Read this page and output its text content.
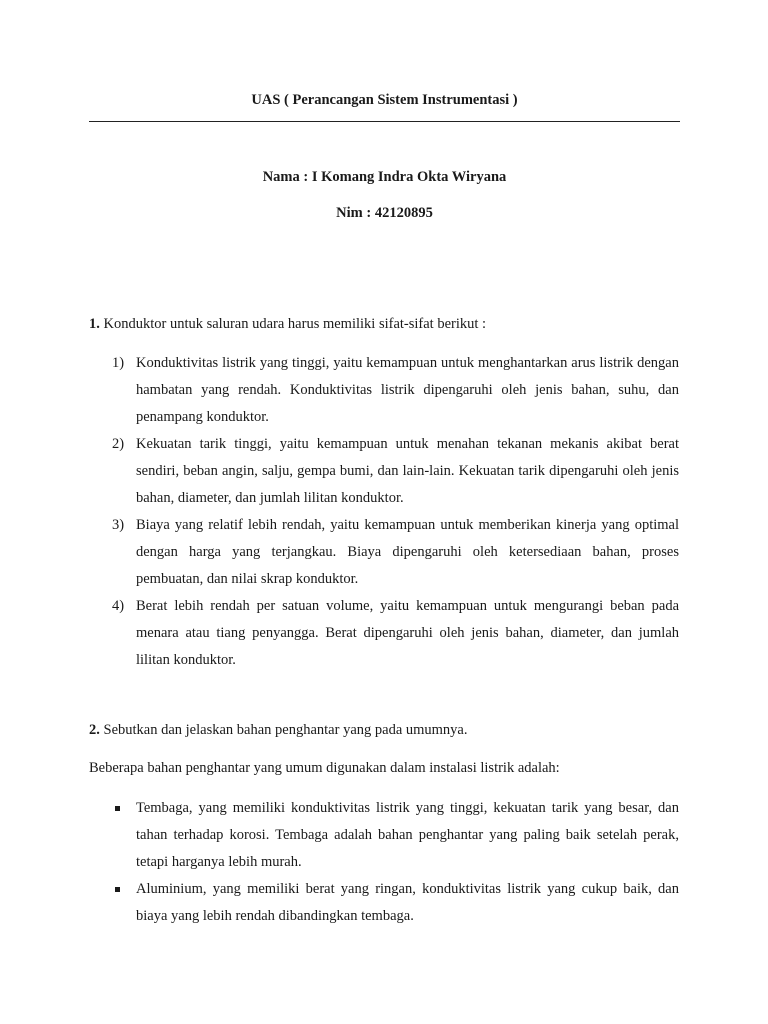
UAS ( Perancangan Sistem Instrumentasi )
Nama : I Komang Indra Okta Wiryana
Nim : 42120895
1. Konduktor untuk saluran udara harus memiliki sifat-sifat berikut :
1) Konduktivitas listrik yang tinggi, yaitu kemampuan untuk menghantarkan arus listrik dengan hambatan yang rendah. Konduktivitas listrik dipengaruhi oleh jenis bahan, suhu, dan penampang konduktor.
2) Kekuatan tarik tinggi, yaitu kemampuan untuk menahan tekanan mekanis akibat berat sendiri, beban angin, salju, gempa bumi, dan lain-lain. Kekuatan tarik dipengaruhi oleh jenis bahan, diameter, dan jumlah lilitan konduktor.
3) Biaya yang relatif lebih rendah, yaitu kemampuan untuk memberikan kinerja yang optimal dengan harga yang terjangkau. Biaya dipengaruhi oleh ketersediaan bahan, proses pembuatan, dan nilai skrap konduktor.
4) Berat lebih rendah per satuan volume, yaitu kemampuan untuk mengurangi beban pada menara atau tiang penyangga. Berat dipengaruhi oleh jenis bahan, diameter, dan jumlah lilitan konduktor.
2. Sebutkan dan jelaskan bahan penghantar yang pada umumnya.
Beberapa bahan penghantar yang umum digunakan dalam instalasi listrik adalah:
Tembaga, yang memiliki konduktivitas listrik yang tinggi, kekuatan tarik yang besar, dan tahan terhadap korosi. Tembaga adalah bahan penghantar yang paling baik setelah perak, tetapi harganya lebih murah.
Aluminium, yang memiliki berat yang ringan, konduktivitas listrik yang cukup baik, dan biaya yang lebih rendah dibandingkan tembaga.
